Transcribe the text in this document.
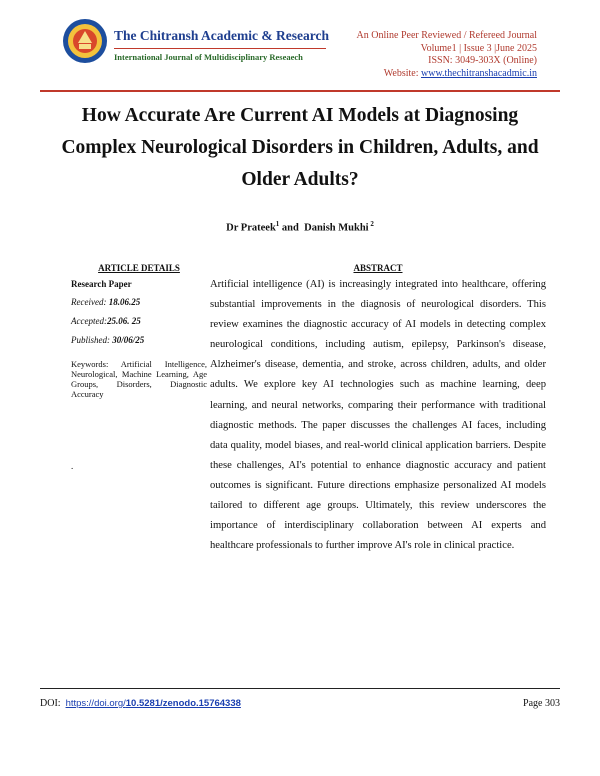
The Chitransh Academic & Research
International Journal of Multidisciplinary Reseaech
An Online Peer Reviewed / Refereed Journal
Volume1 | Issue 3 |June 2025
ISSN: 3049-303X (Online)
Website: www.thechitranshacadmic.in
How Accurate Are Current AI Models at Diagnosing
Complex Neurological Disorders in Children, Adults, and
Older Adults?
Dr Prateek$^1$ and  Danish Mukhi $^2$
ARTICLE DETAILS
Research Paper
Received: 18.06.25
Accepted:25.06. 25
Published: 30/06/25
Keywords: Artificial Intelligence, Neurological, Machine Learning, Age Groups, Disorders, Diagnostic Accuracy
.
ABSTRACT

Artificial intelligence (AI) is increasingly integrated into healthcare, offering substantial improvements in the diagnosis of neurological disorders. This review examines the diagnostic accuracy of AI models in detecting complex neurological conditions, including autism, epilepsy, Parkinson's disease, Alzheimer's disease, dementia, and stroke, across children, adults, and older adults. We explore key AI technologies such as machine learning, deep learning, and neural networks, comparing their performance with traditional diagnostic methods. The paper discusses the challenges AI faces, including data quality, model biases, and real-world clinical application barriers. Despite these challenges, AI's potential to enhance diagnostic accuracy and patient outcomes is significant. Future directions emphasize personalized AI models tailored to different age groups. Ultimately, this review underscores the importance of interdisciplinary collaboration between AI experts and healthcare professionals to further improve AI's role in clinical practice.

DOI:  https://doi.org/10.5281/zenodo.15764338	Page 303
